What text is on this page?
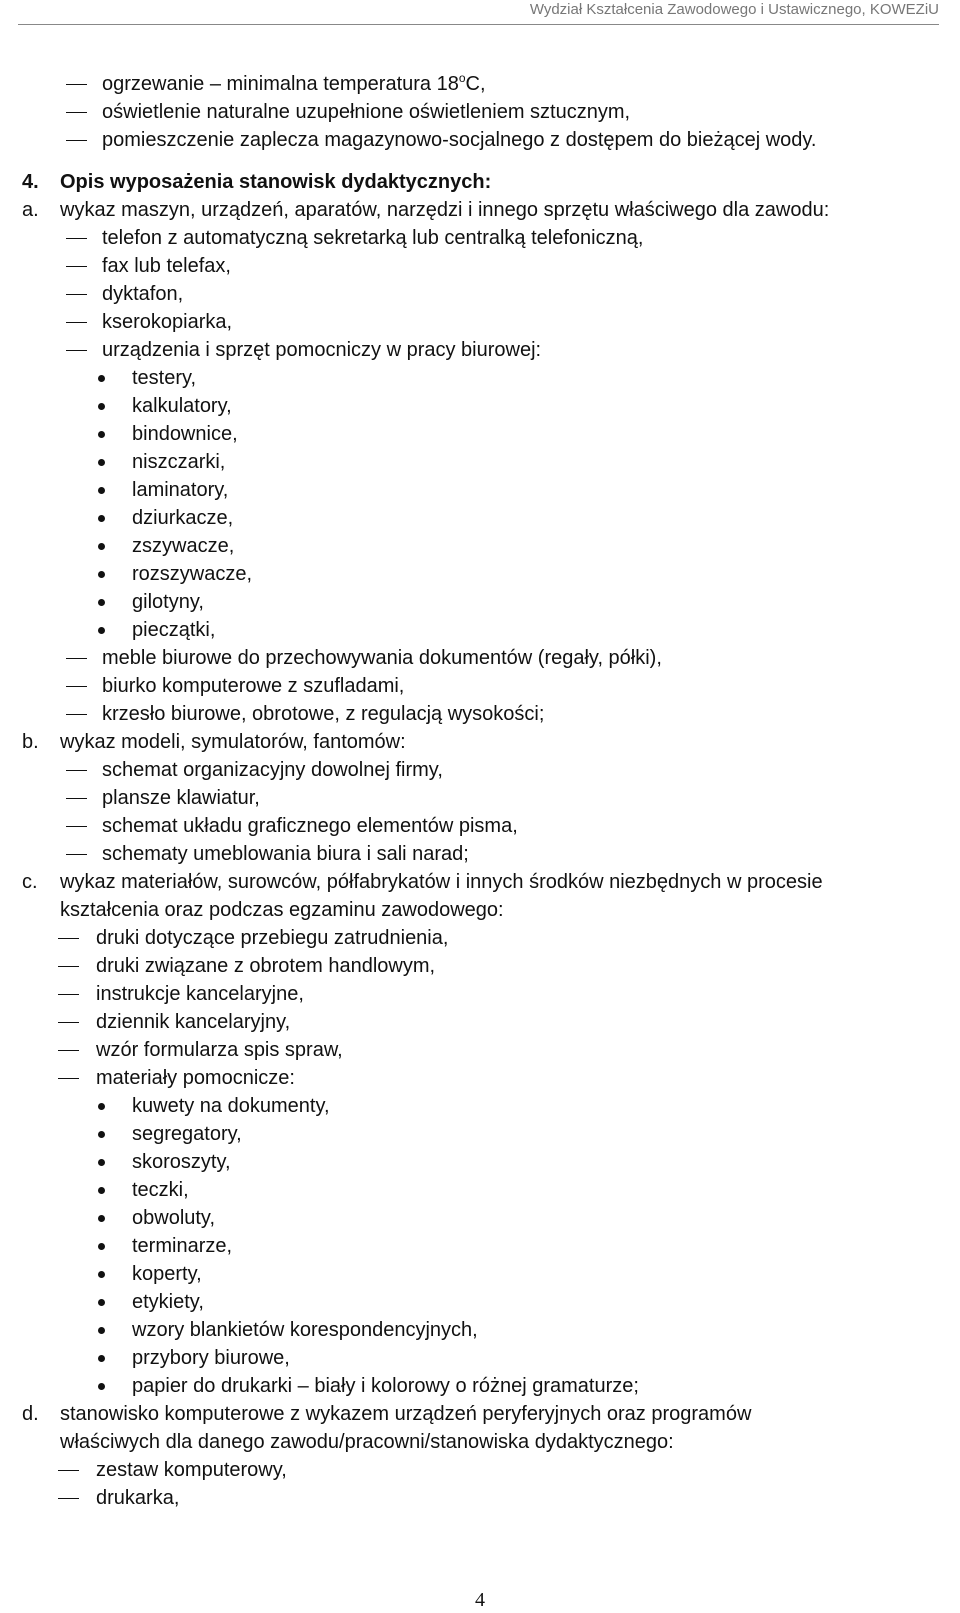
Wydział Kształcenia Zawodowego i Ustawicznego, KOWEZiU
ogrzewanie – minimalna temperatura 18$^o$C,
oświetlenie naturalne uzupełnione oświetleniem sztucznym,
pomieszczenie zaplecza magazynowo-socjalnego z dostępem do bieżącej wody.
4. Opis wyposażenia stanowisk dydaktycznych:
a. wykaz maszyn, urządzeń, aparatów, narzędzi i innego sprzętu właściwego dla zawodu:
telefon z automatyczną sekretarką lub centralką telefoniczną,
fax lub telefax,
dyktafon,
kserokopiarka,
urządzenia i sprzęt pomocniczy w pracy biurowej:
testery,
kalkulatory,
bindownice,
niszczarki,
laminatory,
dziurkacze,
zszywacze,
rozszywacze,
gilotyny,
pieczątki,
meble biurowe do przechowywania dokumentów (regały, półki),
biurko komputerowe z szufladami,
krzesło biurowe, obrotowe, z regulacją wysokości;
b. wykaz modeli, symulatorów, fantomów:
schemat organizacyjny dowolnej firmy,
plansze klawiatur,
schemat układu graficznego elementów pisma,
schematy umeblowania biura i sali narad;
c. wykaz materiałów, surowców, półfabrykatów i innych środków niezbędnych w procesie
kształcenia oraz podczas egzaminu zawodowego:
druki dotyczące przebiegu zatrudnienia,
druki związane z obrotem handlowym,
instrukcje kancelaryjne,
dziennik kancelaryjny,
wzór formularza spis spraw,
materiały pomocnicze:
kuwety na dokumenty,
segregatory,
skoroszyty,
teczki,
obwoluty,
terminarze,
koperty,
etykiety,
wzory blankietów korespondencyjnych,
przybory biurowe,
papier do drukarki – biały i kolorowy o różnej gramaturze;
d. stanowisko komputerowe z wykazem urządzeń peryferyjnych oraz programów
właściwych dla danego zawodu/pracowni/stanowiska dydaktycznego:
zestaw komputerowy,
drukarka,
4
